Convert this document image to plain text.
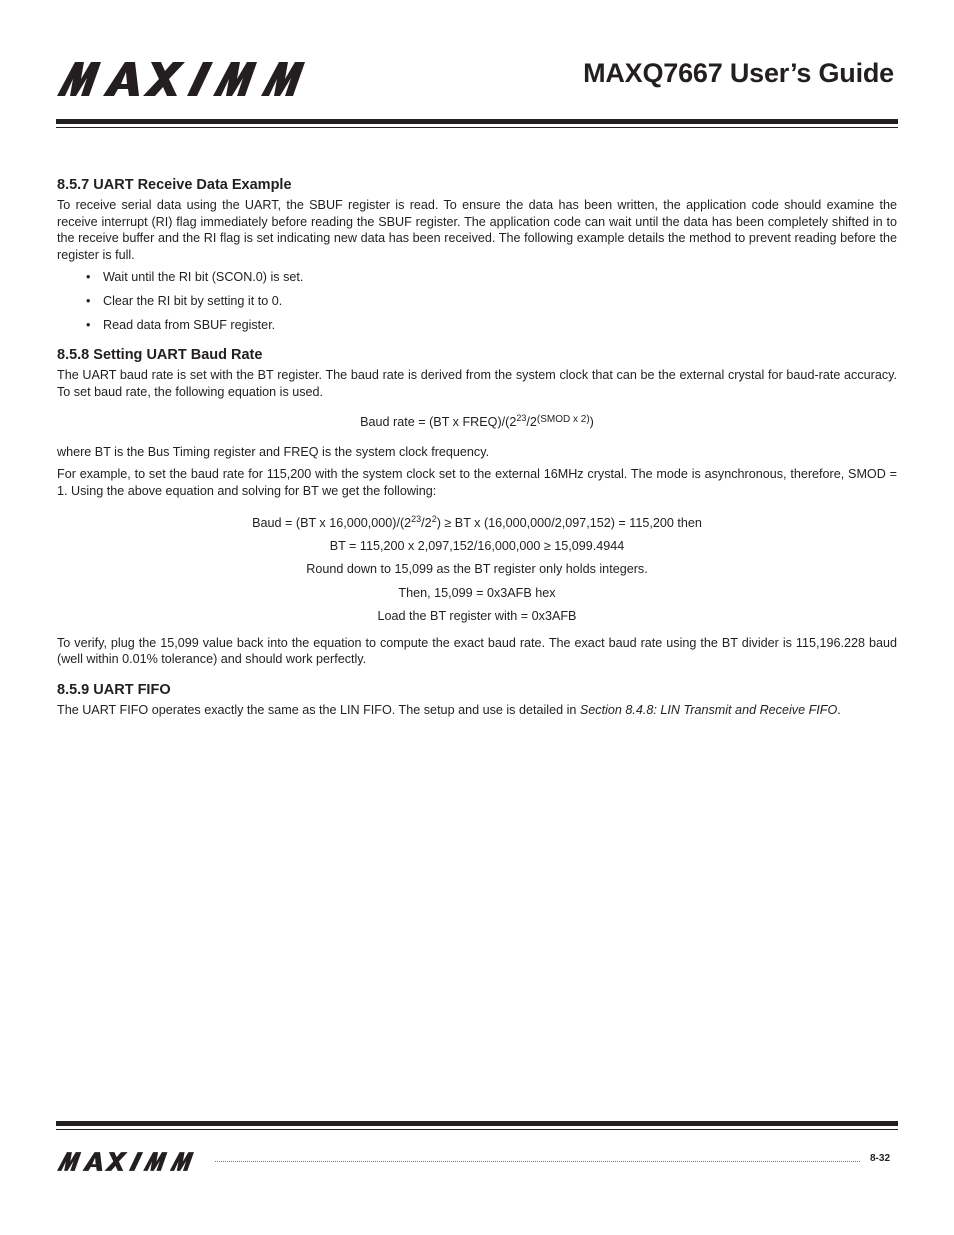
MAXQ7667 User’s Guide
8.5.7 UART Receive Data Example

To receive serial data using the UART, the SBUF register is read. To ensure the data has been written, the application code should examine the receive interrupt (RI) flag immediately before reading the SBUF register. The application code can wait until the data has been completely shifted in to the receive buffer and the RI flag is set indicating new data has been received. The following example details the method to prevent reading before the register is full.

• Wait until the RI bit (SCON.0) is set.
• Clear the RI bit by setting it to 0.
• Read data from SBUF register.
8.5.8 Setting UART Baud Rate

The UART baud rate is set with the BT register. The baud rate is derived from the system clock that can be the external crystal for baud-rate accuracy. To set baud rate, the following equation is used.

Baud rate = (BT x $FREQ)/(2^{23}/2^{(SMOD x 2)})$

where BT is the Bus Timing register and FREQ is the system clock frequency.

For example, to set the baud rate for 115,200 with the system clock set to the external 16MHz crystal. The mode is asynchronous, therefore, SMOD = 1. Using the above equation and solving for BT we get the following:

Baud = (BT x $16,000,000)/(2^{23}/2^2)$ ≥ BT x (16,000,000/2,097,152) = 115,200 then
BT = 115,200 x 2,097,152/16,000,000 ≥ 15,099.4944
Round down to 15,099 as the BT register only holds integers.
Then, 15,099 = 0x3AFB hex
Load the BT register with = 0x3AFB

To verify, plug the 15,099 value back into the equation to compute the exact baud rate. The exact baud rate using the BT divider is 115,196.228 baud (well within 0.01% tolerance) and should work perfectly.

8.5.9 UART FIFO

The UART FIFO operates exactly the same as the LIN FIFO. The setup and use is detailed in Section 8.4.8: LIN Transmit and Receive FIFO.

8-32
